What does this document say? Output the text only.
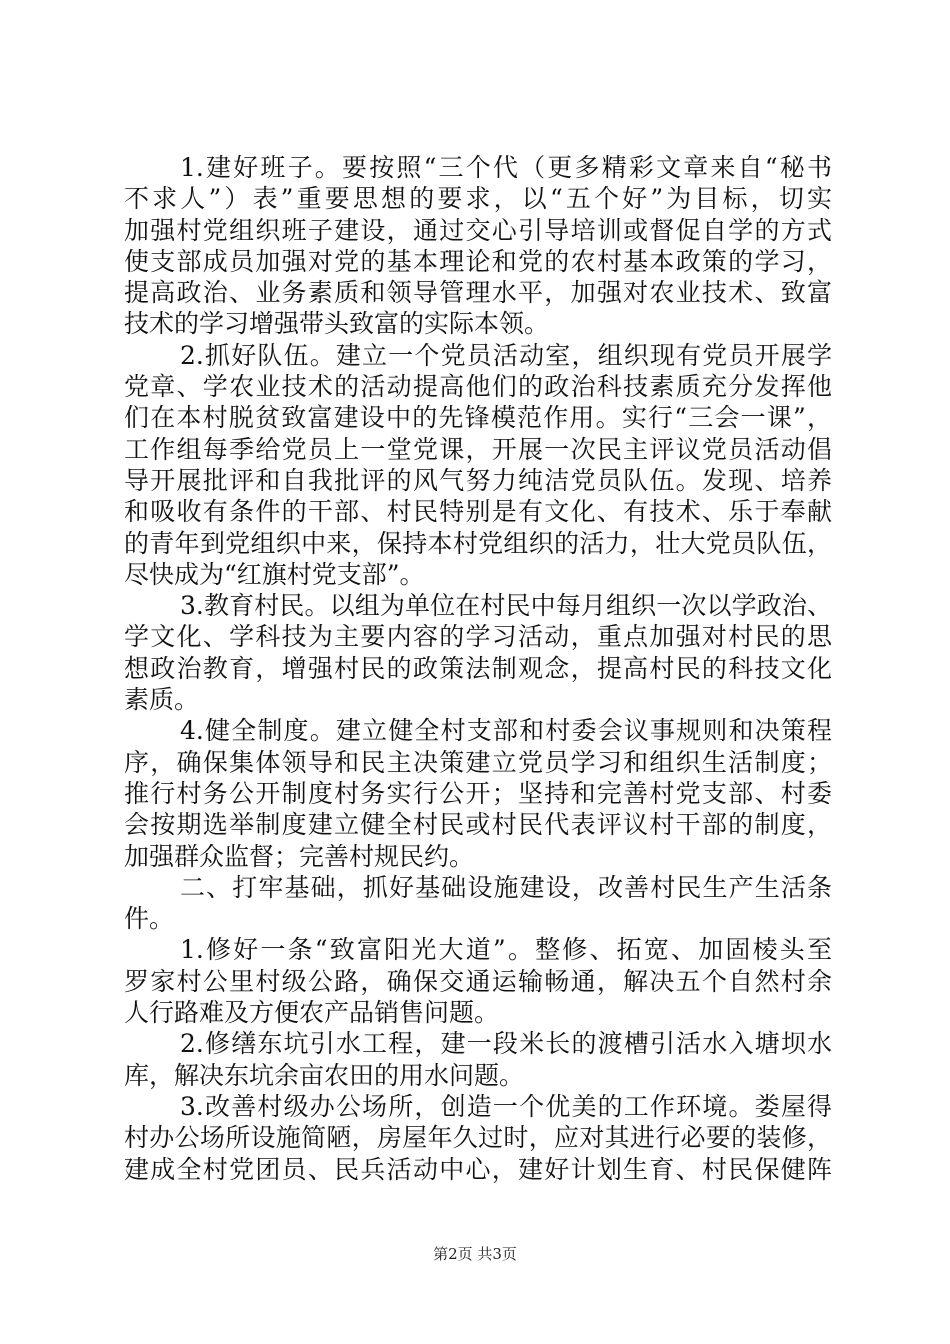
1.建好班子。要按照“三个代（更多精彩文章来自“秘书
不求人”）表”重要思想的要求，以“五个好”为目标，切实
加强村党组织班子建设，通过交心引导培训或督促自学的方式
使支部成员加强对党的基本理论和党的农村基本政策的学习，
提高政治、业务素质和领导管理水平，加强对农业技术、致富
技术的学习增强带头致富的实际本领。
2.抓好队伍。建立一个党员活动室，组织现有党员开展学
党章、学农业技术的活动提高他们的政治科技素质充分发挥他
们在本村脱贫致富建设中的先锋模范作用。实行“三会一课”，
工作组每季给党员上一堂党课，开展一次民主评议党员活动倡
导开展批评和自我批评的风气努力纯洁党员队伍。发现、培养
和吸收有条件的干部、村民特别是有文化、有技术、乐于奉献
的青年到党组织中来，保持本村党组织的活力，壮大党员队伍，
尽快成为“红旗村党支部”。
3.教育村民。以组为单位在村民中每月组织一次以学政治、
学文化、学科技为主要内容的学习活动，重点加强对村民的思
想政治教育，增强村民的政策法制观念，提高村民的科技文化
素质。
4.健全制度。建立健全村支部和村委会议事规则和决策程
序，确保集体领导和民主决策建立党员学习和组织生活制度；
推行村务公开制度村务实行公开；坚持和完善村党支部、村委
会按期选举制度建立健全村民或村民代表评议村干部的制度，
加强群众监督；完善村规民约。
二、打牢基础，抓好基础设施建设，改善村民生产生活条
件。
1.修好一条“致富阳光大道”。整修、拓宽、加固棱头至
罗家村公里村级公路，确保交通运输畅通，解决五个自然村余
人行路难及方便农产品销售问题。
2.修缮东坑引水工程，建一段米长的渡槽引活水入塘坝水
库，解决东坑余亩农田的用水问题。
3.改善村级办公场所，创造一个优美的工作环境。娄屋得
村办公场所设施简陋，房屋年久过时，应对其进行必要的装修，
建成全村党团员、民兵活动中心，建好计划生育、村民保健阵
第2页 共3页
